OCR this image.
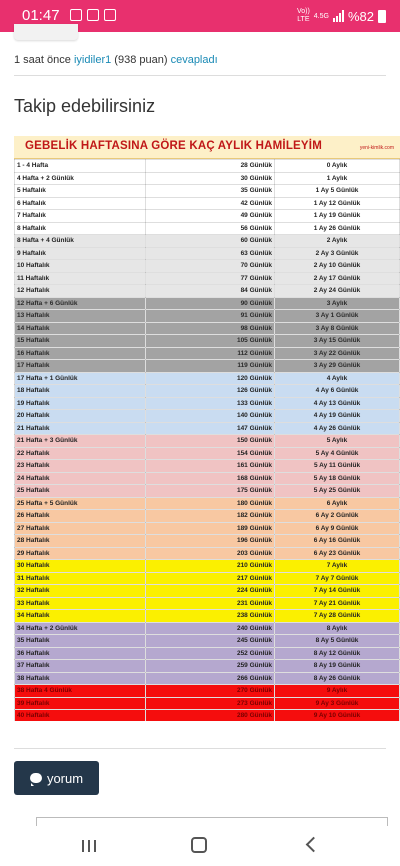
01:47	Vo))
LTE 4.5G %82
1 saat önce iyidiler1 (938 puan) cevapladı
Takip edebilirsiniz
GEBELİK HAFTASINA GÖRE KAÇ AYLIK HAMİLEYİM	yeni-kimlik.com
1 - 4 Hafta	28 Günlük	0 Aylık
4 Hafta + 2 Günlük	30 Günlük	1 Aylık
5 Haftalık	35 Günlük	1 Ay 5 Günlük
6 Haftalık	42 Günlük	1 Ay 12 Günlük
7 Haftalık	49 Günlük	1 Ay 19 Günlük
8 Haftalık	56 Günlük	1 Ay 26 Günlük
8 Hafta + 4 Günlük	60 Günlük	2 Aylık
9 Haftalık	63 Günlük	2 Ay 3 Günlük
10 Haftalık	70 Günlük	2 Ay 10 Günlük
11 Haftalık	77 Günlük	2 Ay 17 Günlük
12 Haftalık	84 Günlük	2 Ay 24 Günlük
12 Hafta + 6 Günlük	90 Günlük	3 Aylık
13 Haftalık	91 Günlük	3 Ay 1 Günlük
14 Haftalık	98 Günlük	3 Ay 8 Günlük
15 Haftalık	105 Günlük	3 Ay 15 Günlük
16 Haftalık	112 Günlük	3 Ay 22 Günlük
17 Haftalık	119 Günlük	3 Ay 29 Günlük
17 Hafta + 1 Günlük	120 Günlük	4 Aylık
18 Haftalık	126 Günlük	4 Ay 6 Günlük
19 Haftalık	133 Günlük	4 Ay 13 Günlük
20 Haftalık	140 Günlük	4 Ay 19 Günlük
21 Haftalık	147 Günlük	4 Ay 26 Günlük
21 Hafta + 3 Günlük	150 Günlük	5 Aylık
22 Haftalık	154 Günlük	5 Ay 4 Günlük
23 Haftalık	161 Günlük	5 Ay 11 Günlük
24 Haftalık	168 Günlük	5 Ay 18 Günlük
25 Haftalık	175 Günlük	5 Ay 25 Günlük
25 Hafta + 5 Günlük	180 Günlük	6 Aylık
26 Haftalık	182 Günlük	6 Ay 2 Günlük
27 Haftalık	189 Günlük	6 Ay 9 Günlük
28 Haftalık	196 Günlük	6 Ay 16 Günlük
29 Haftalık	203 Günlük	6 Ay 23 Günlük
30 Haftalık	210 Günlük	7 Aylık
31 Haftalık	217 Günlük	7 Ay 7 Günlük
32 Haftalık	224 Günlük	7 Ay 14 Günlük
33 Haftalık	231 Günlük	7 Ay 21 Günlük
34 Haftalık	238 Günlük	7 Ay 28 Günlük
34 Hafta + 2 Günlük	240 Günlük	8 Aylık
35 Haftalık	245 Günlük	8 Ay 5 Günlük
36 Haftalık	252 Günlük	8 Ay 12 Günlük
37 Haftalık	259 Günlük	8 Ay 19 Günlük
38 Haftalık	266 Günlük	8 Ay 26 Günlük
38 Hafta 4 Günlük	270 Günlük	9 Aylık
39 Haftalık	273 Günlük	9 Ay 3 Günlük
40 Haftalık	280 Günlük	9 Ay 10 Günlük
yorum
